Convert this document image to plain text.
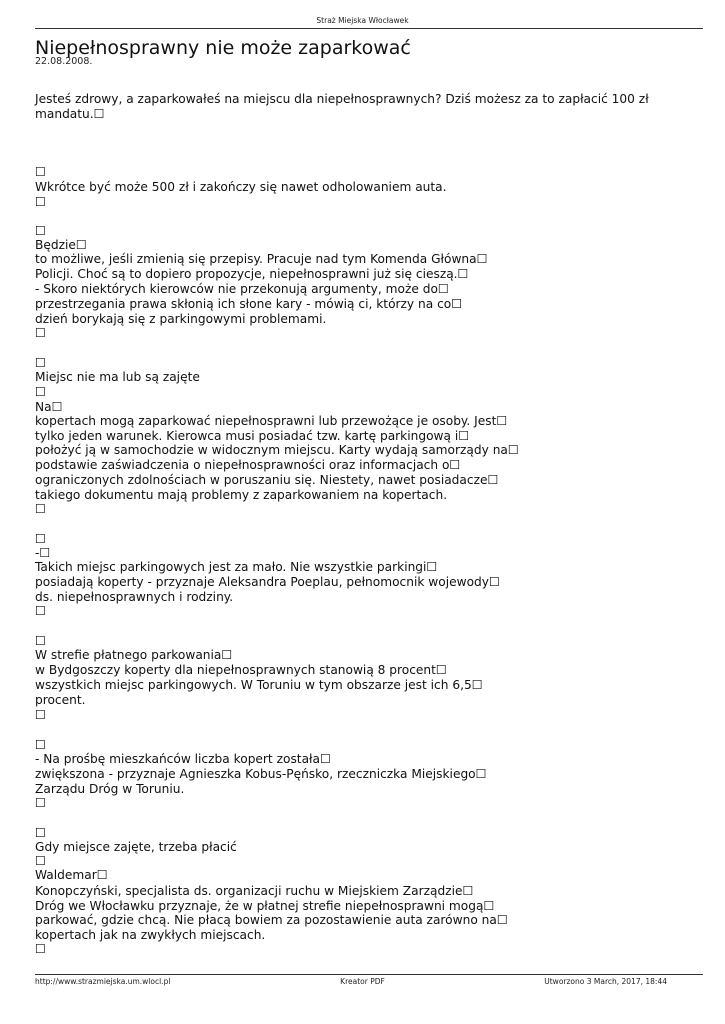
Straż Miejska Włocławek
Niepełnosprawny nie może zaparkować
22.08.2008.
Jesteś zdrowy, a zaparkowałeś na miejscu dla niepełnosprawnych? Dziś możesz za to zapłacić 100 zł
mandatu.☐
☐
Wkrótce być może 500 zł i zakończy się nawet odholowaniem auta.
☐
☐
Będzie☐
to możliwe, jeśli zmienią się przepisy. Pracuje nad tym Komenda Główna☐
Policji. Choć są to dopiero propozycje, niepełnosprawni już się cieszą.☐
- Skoro niektórych kierowców nie przekonują argumenty, może do☐
przestrzegania prawa skłonią ich słone kary - mówią ci, którzy na co☐
dzień borykają się z parkingowymi problemami.
☐
☐
Miejsc nie ma lub są zajęte
☐
Na☐
kopertach mogą zaparkować niepełnosprawni lub przewożące je osoby. Jest☐
tylko jeden warunek. Kierowca musi posiadać tzw. kartę parkingową i☐
położyć ją w samochodzie w widocznym miejscu. Karty wydają samorządy na☐
podstawie zaświadczenia o niepełnosprawności oraz informacjach o☐
ograniczonych zdolnościach w poruszaniu się. Niestety, nawet posiadacze☐
takiego dokumentu mają problemy z zaparkowaniem na kopertach.
☐
☐
-☐
Takich miejsc parkingowych jest za mało. Nie wszystkie parkingi☐
posiadają koperty - przyznaje Aleksandra Poeplau, pełnomocnik wojewody☐
ds. niepełnosprawnych i rodziny.
☐
☐
W strefie płatnego parkowania☐
w Bydgoszczy koperty dla niepełnosprawnych stanowią 8 procent☐
wszystkich miejsc parkingowych. W Toruniu w tym obszarze jest ich 6,5☐
procent.
☐
☐
- Na prośbę mieszkańców liczba kopert została☐
zwiększona - przyznaje Agnieszka Kobus-Pęńsko, rzeczniczka Miejskiego☐
Zarządu Dróg w Toruniu.
☐
☐
Gdy miejsce zajęte, trzeba płacić
☐
Waldemar☐
Konopczyński, specjalista ds. organizacji ruchu w Miejskiem Zarządzie☐
Dróg we Włocławku przyznaje, że w płatnej strefie niepełnosprawni mogą☐
parkować, gdzie chcą. Nie płacą bowiem za pozostawienie auta zarówno na☐
kopertach jak na zwykłych miejscach.
☐
http://www.strazmiejska.um.wlocl.pl	Kreator PDF	Utworzono 3 March, 2017, 18:44
